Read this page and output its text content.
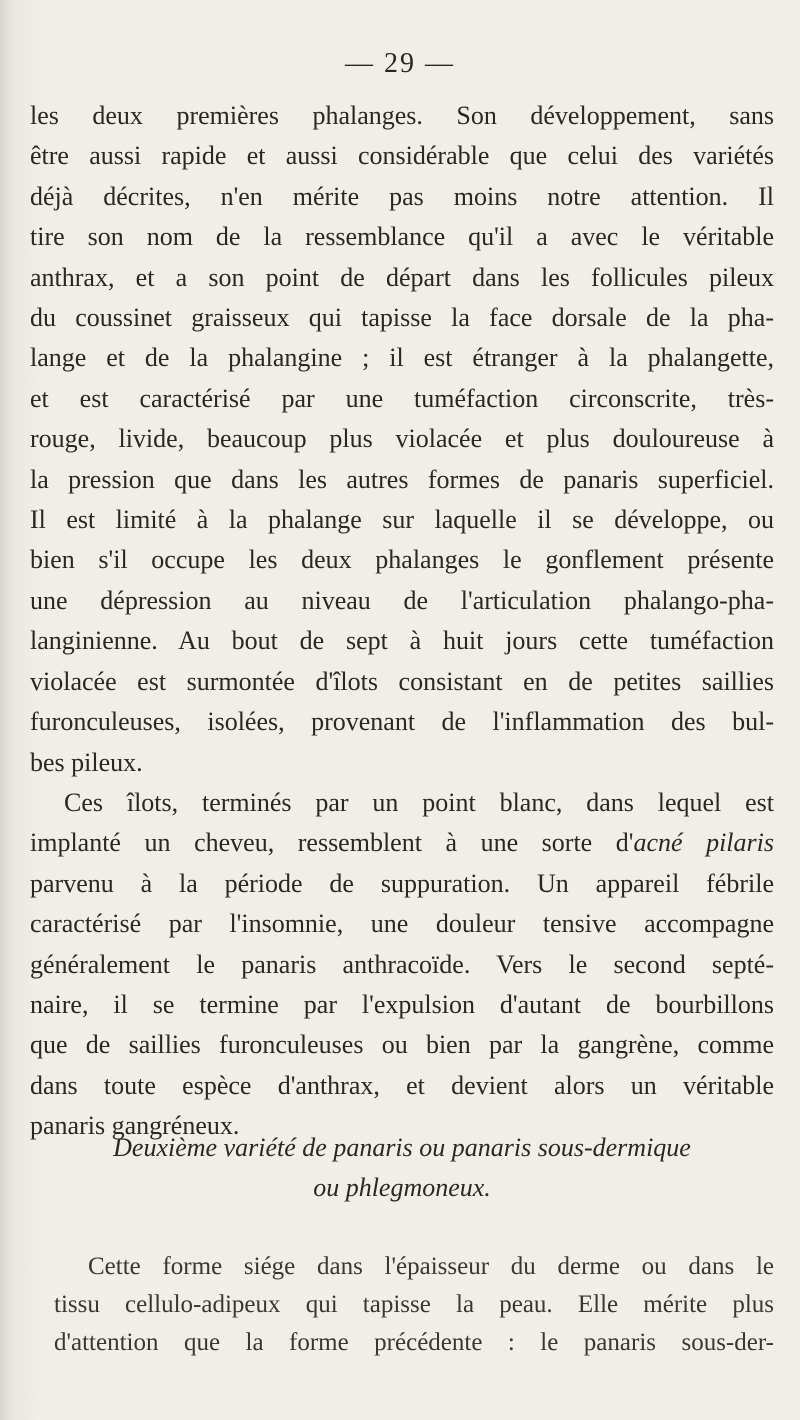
— 29 —
les deux premières phalanges. Son développement, sans
être aussi rapide et aussi considérable que celui des variétés
déjà décrites, n'en mérite pas moins notre attention. Il
tire son nom de la ressemblance qu'il a avec le véritable
anthrax, et a son point de départ dans les follicules pileux
du coussinet graisseux qui tapisse la face dorsale de la pha-
lange et de la phalangine ; il est étranger à la phalangette,
et est caractérisé par une tuméfaction circonscrite, très-
rouge, livide, beaucoup plus violacée et plus douloureuse à
la pression que dans les autres formes de panaris superficiel.
Il est limité à la phalange sur laquelle il se développe, ou
bien s'il occupe les deux phalanges le gonflement présente
une dépression au niveau de l'articulation phalango-pha-
langinienne. Au bout de sept à huit jours cette tuméfaction
violacée est surmontée d'îlots consistant en de petites saillies
furonculeuses, isolées, provenant de l'inflammation des bul-
bes pileux.
Ces îlots, terminés par un point blanc, dans lequel est
implanté un cheveu, ressemblent à une sorte d'acné pilaris
parvenu à la période de suppuration. Un appareil fébrile
caractérisé par l'insomnie, une douleur tensive accompagne
généralement le panaris anthracoïde. Vers le second septé-
naire, il se termine par l'expulsion d'autant de bourbillons
que de saillies furonculeuses ou bien par la gangrène, comme
dans toute espèce d'anthrax, et devient alors un véritable
panaris gangréneux.
Deuxième variété de panaris ou panaris sous-dermique
ou phlegmoneux.
Cette forme siége dans l'épaisseur du derme ou dans le
tissu cellulo-adipeux qui tapisse la peau. Elle mérite plus
d'attention que la forme précédente : le panaris sous-der-
